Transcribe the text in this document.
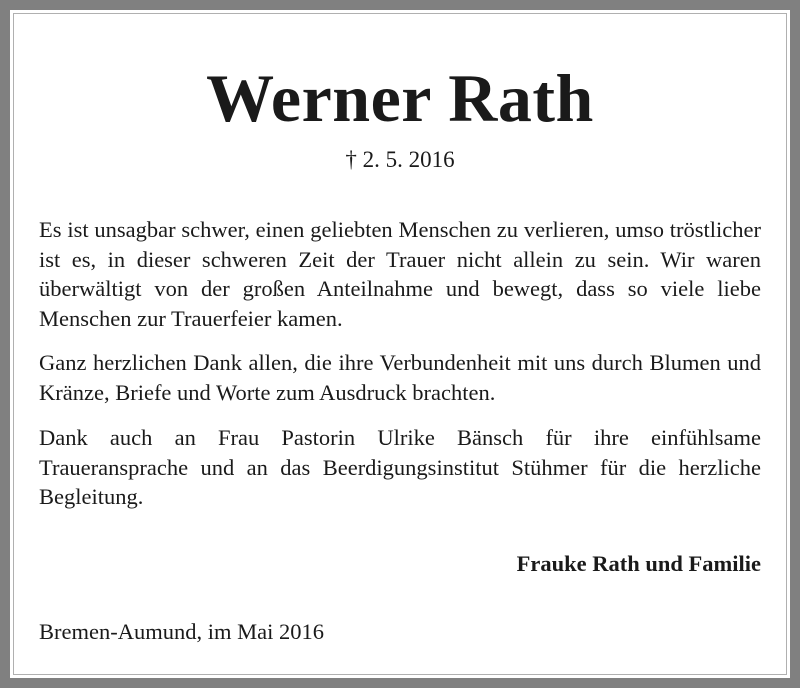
Werner Rath
† 2. 5. 2016

Es ist unsagbar schwer, einen geliebten Menschen zu verlieren, umso tröstlicher ist es, in dieser schweren Zeit der Trauer nicht allein zu sein. Wir waren überwältigt von der großen Anteilnahme und bewegt, dass so viele liebe Menschen zur Trauerfeier kamen.

Ganz herzlichen Dank allen, die ihre Verbundenheit mit uns durch Blumen und Kränze, Briefe und Worte zum Ausdruck brachten.

Dank auch an Frau Pastorin Ulrike Bänsch für ihre einfühlsame Traueransprache und an das Beerdigungsinstitut Stühmer für die herzliche Begleitung.

Frauke Rath und Familie
Bremen-Aumund, im Mai 2016
